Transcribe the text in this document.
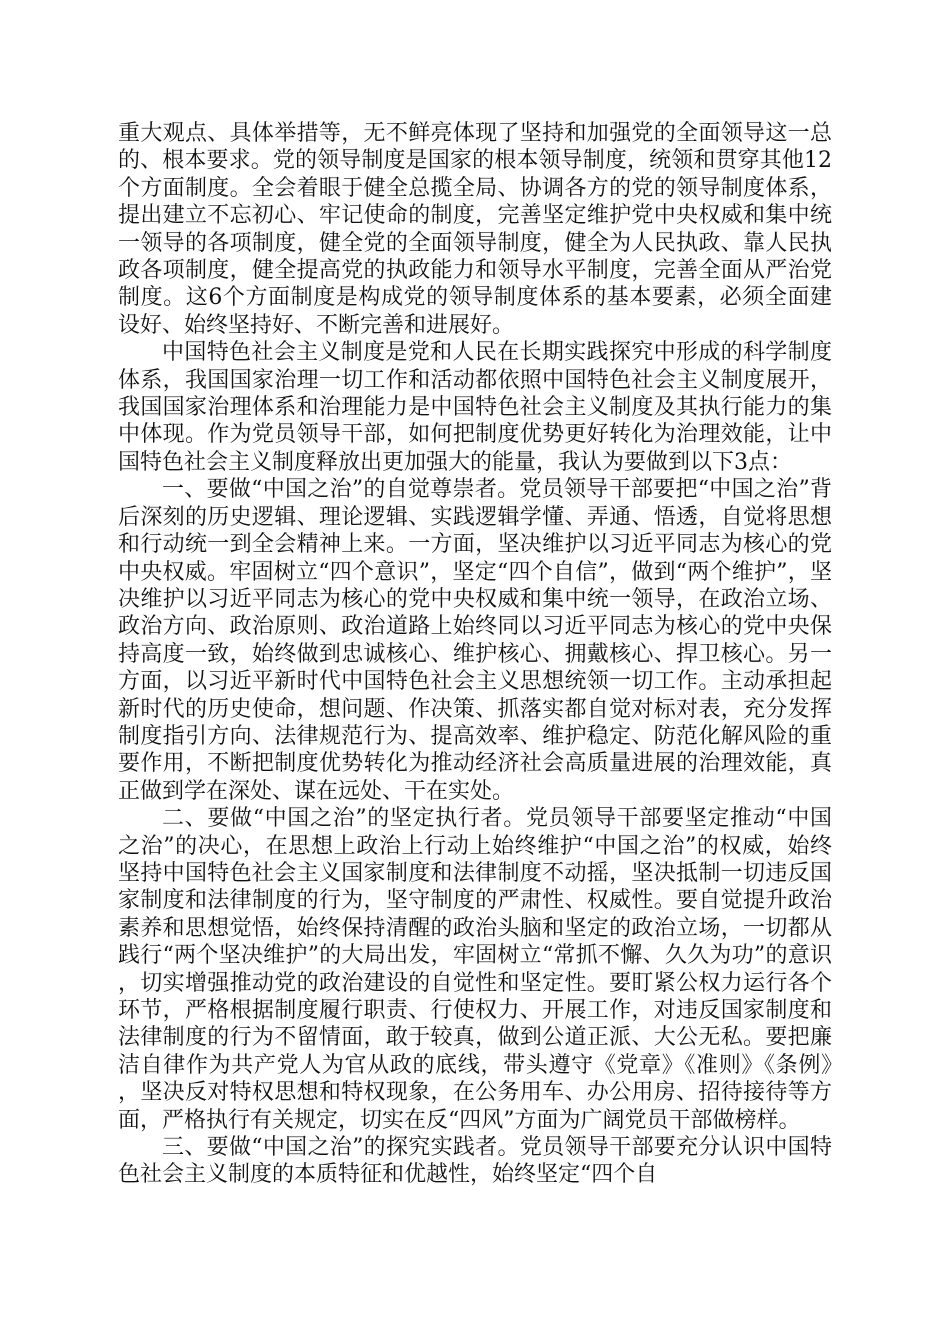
重大观点、具体举措等，无不鲜亮体现了坚持和加强党的全面领导这一总的、根本要求。党的领导制度是国家的根本领导制度，统领和贯穿其他12个方面制度。全会着眼于健全总揽全局、协调各方的党的领导制度体系，提出建立不忘初心、牢记使命的制度，完善坚定维护党中央权威和集中统一领导的各项制度，健全党的全面领导制度，健全为人民执政、靠人民执政各项制度，健全提高党的执政能力和领导水平制度，完善全面从严治党制度。这6个方面制度是构成党的领导制度体系的基本要素，必须全面建设好、始终坚持好、不断完善和进展好。

中国特色社会主义制度是党和人民在长期实践探究中形成的科学制度体系，我国国家治理一切工作和活动都依照中国特色社会主义制度展开，我国国家治理体系和治理能力是中国特色社会主义制度及其执行能力的集中体现。作为党员领导干部，如何把制度优势更好转化为治理效能，让中国特色社会主义制度释放出更加强大的能量，我认为要做到以下3点：

一、要做“中国之治”的自觉尊崇者。党员领导干部要把“中国之治”背后深刻的历史逻辑、理论逻辑、实践逻辑学懂、弄通、悟透，自觉将思想和行动统一到全会精神上来。一方面，坚决维护以习近平同志为核心的党中央权威。牢固树立“四个意识”，坚定“四个自信”，做到“两个维护”，坚决维护以习近平同志为核心的党中央权威和集中统一领导，在政治立场、政治方向、政治原则、政治道路上始终同以习近平同志为核心的党中央保持高度一致，始终做到忠诚核心、维护核心、拥戴核心、捍卫核心。另一方面，以习近平新时代中国特色社会主义思想统领一切工作。主动承担起新时代的历史使命，想问题、作决策、抓落实都自觉对标对表，充分发挥制度指引方向、法律规范行为、提高效率、维护稳定、防范化解风险的重要作用，不断把制度优势转化为推动经济社会高质量进展的治理效能，真正做到学在深处、谋在远处、干在实处。

二、要做“中国之治”的坚定执行者。党员领导干部要坚定推动“中国之治”的决心，在思想上政治上行动上始终维护“中国之治”的权威，始终坚持中国特色社会主义国家制度和法律制度不动摇，坚决抵制一切违反国家制度和法律制度的行为，坚守制度的严肃性、权威性。要自觉提升政治素养和思想觉悟，始终保持清醒的政治头脑和坚定的政治立场，一切都从践行“两个坚决维护”的大局出发，牢固树立“常抓不懈、久久为功”的意识，切实增强推动党的政治建设的自觉性和坚定性。要盯紧公权力运行各个环节，严格根据制度履行职责、行使权力、开展工作，对违反国家制度和法律制度的行为不留情面，敢于较真，做到公道正派、大公无私。要把廉洁自律作为共产党人为官从政的底线，带头遵守《党章》《准则》《条例》，坚决反对特权思想和特权现象，在公务用车、办公用房、招待接待等方面，严格执行有关规定，切实在反“四风”方面为广阔党员干部做榜样。

三、要做“中国之治”的探究实践者。党员领导干部要充分认识中国特色社会主义制度的本质特征和优越性，始终坚定“四个自
